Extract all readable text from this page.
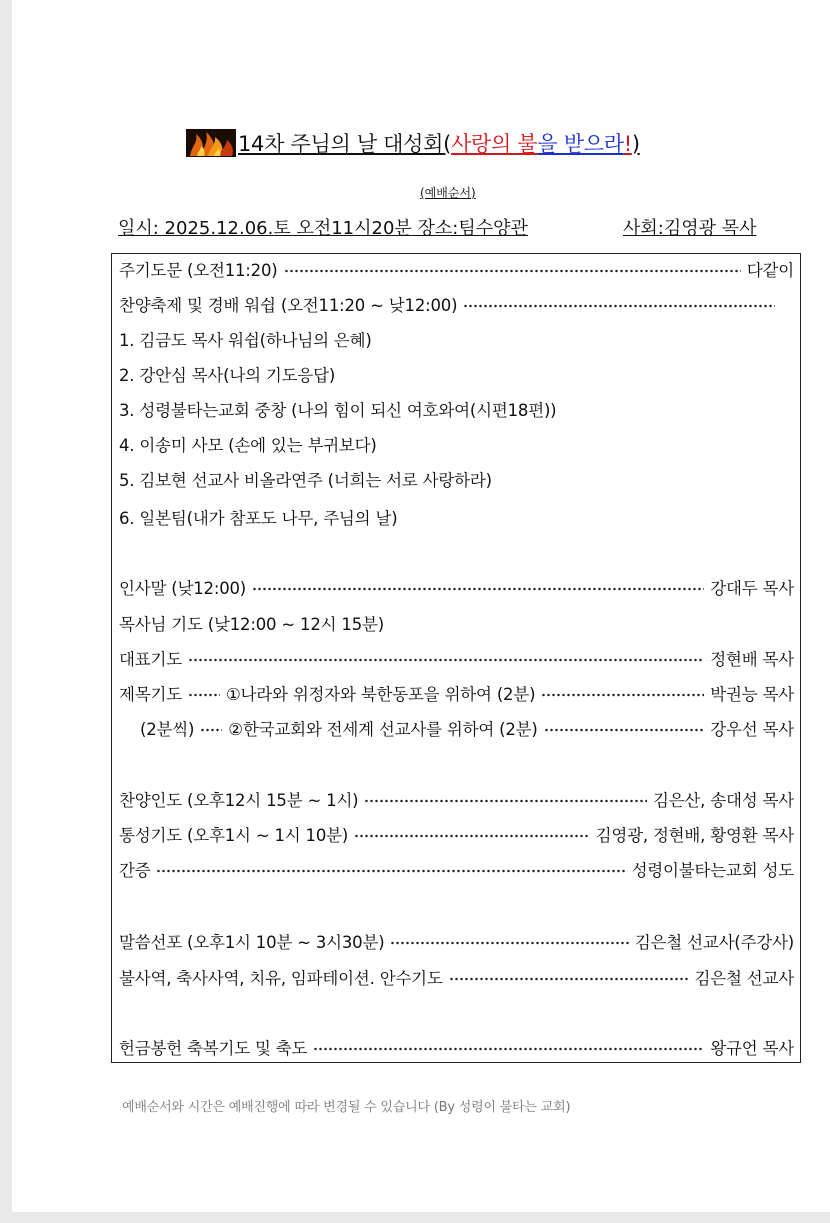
14차 주님의 날 대성회(사랑의 불을 받으라!)
(예배순서)
일시: 2025.12.06.토 오전11시20분 장소:팀수양관	사회:김영광 목사
주기도문 (오전11:20)	다같이
찬양축제 및 경배 워쉽 (오전11:20 ~ 낮12:00)
1. 김금도 목사 워쉽(하나님의 은혜)
2. 강안심 목사(나의 기도응답)
3. 성령불타는교회 중창 (나의 힘이 되신 여호와여(시편18편))
4. 이송미 사모 (손에 있는 부귀보다)
5. 김보현 선교사 비올라연주 (너희는 서로 사랑하라)
6. 일본팀(내가 참포도 나무, 주님의 날)
인사말 (낮12:00)	강대두 목사
목사님 기도 (낮12:00 ~ 12시 15분)
대표기도	정현배 목사
제목기도	①나라와 위정자와 북한동포을 위하여 (2분)	박권능 목사
(2분씩) ②한국교회와 전세계 선교사를 위하여 (2분)	강우선 목사
찬양인도 (오후12시 15분 ~ 1시)	김은산, 송대성 목사
통성기도 (오후1시 ~ 1시 10분)	김영광, 정현배, 황영환 목사
간증	성령이불타는교회 성도
말씀선포 (오후1시 10분 ~ 3시30분)	김은철 선교사(주강사)
불사역, 축사사역, 치유, 임파테이션. 안수기도	김은철 선교사
헌금봉헌 축복기도 및 축도	왕규언 목사
예배순서와 시간은 예배진행에 따라 변경될 수 있습니다 (By 성령이 불타는 교회)
